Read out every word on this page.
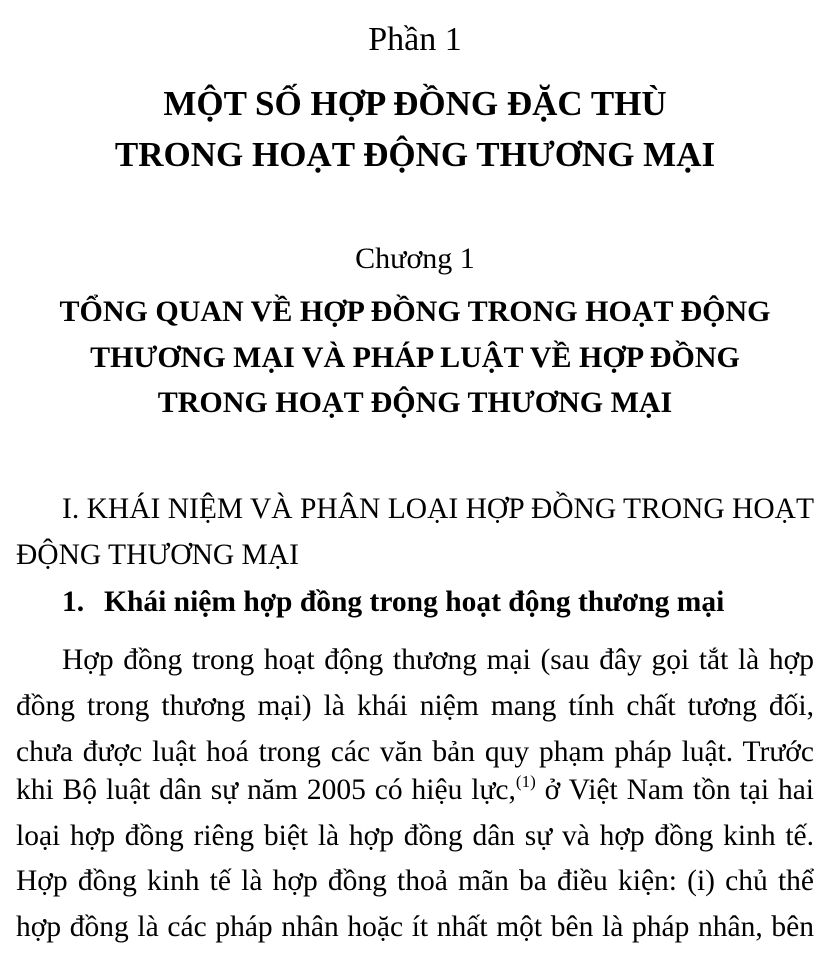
Phần 1
MỘT SỐ HỢP ĐỒNG ĐẶC THÙ
TRONG HOẠT ĐỘNG THƯƠNG MẠI
Chương 1
TỔNG QUAN VỀ HỢP ĐỒNG TRONG HOẠT ĐỘNG
THƯƠNG MẠI VÀ PHÁP LUẬT VỀ HỢP ĐỒNG
TRONG HOẠT ĐỘNG THƯƠNG MẠI
I. KHÁI NIỆM VÀ PHÂN LOẠI HỢP ĐỒNG TRONG HOẠT
ĐỘNG THƯƠNG MẠI
1. Khái niệm hợp đồng trong hoạt động thương mại
Hợp đồng trong hoạt động thương mại (sau đây gọi tắt là hợp
đồng trong thương mại) là khái niệm mang tính chất tương đối,
chưa được luật hoá trong các văn bản quy phạm pháp luật. Trước
khi Bộ luật dân sự năm 2005 có hiệu lực,$^{(1)}$ ở Việt Nam tồn tại hai
loại hợp đồng riêng biệt là hợp đồng dân sự và hợp đồng kinh tế.
Hợp đồng kinh tế là hợp đồng thoả mãn ba điều kiện: (i) chủ thể
hợp đồng là các pháp nhân hoặc ít nhất một bên là pháp nhân, bên
